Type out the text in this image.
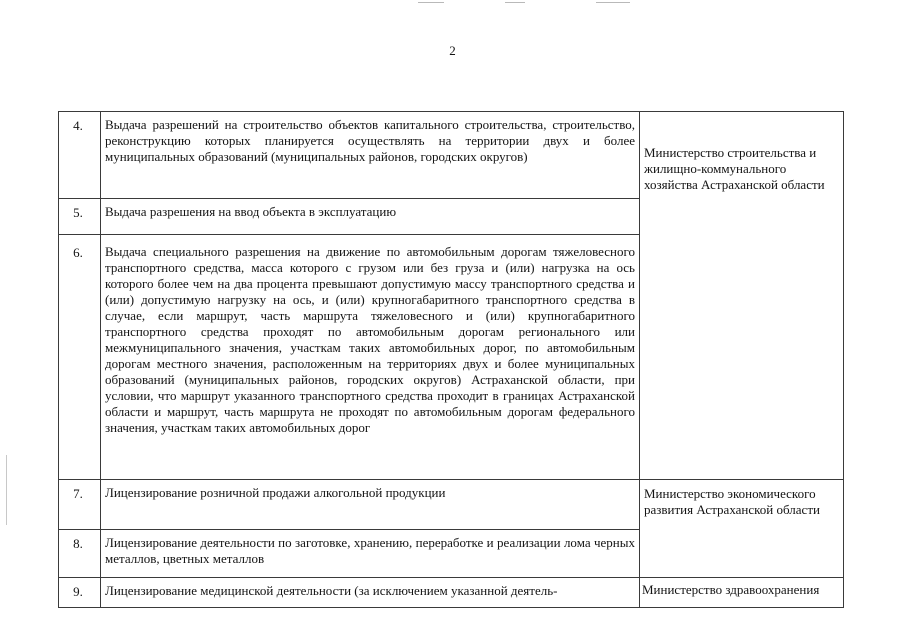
2
4.	Выдача разрешений на строительство объектов капитального строительства, строительство, реконструкцию которых планируется осуществлять на территории двух и более муниципальных образований (муниципальных районов, городских округов)	Министерство строительства и жилищно-коммунального хозяйства Астраханской области
5.	Выдача разрешения на ввод объекта в эксплуатацию	
6.	Выдача специального разрешения на движение по автомобильным дорогам тяжеловесного транспортного средства, масса которого с грузом или без груза и (или) нагрузка на ось которого более чем на два процента превышают допустимую массу транспортного средства и (или) допустимую нагрузку на ось, и (или) крупногабаритного транспортного средства в случае, если маршрут, часть маршрута тяжеловесного и (или) крупногабаритного транспортного средства проходят по автомобильным дорогам регионального или межмуниципального значения, участкам таких автомобильных дорог, по автомобильным дорогам местного значения, расположенным на территориях двух и более муниципальных образований (муниципальных районов, городских округов) Астраханской области, при условии, что маршрут указанного транспортного средства проходит в границах Астраханской области и маршрут, часть маршрута не проходят по автомобильным дорогам федерального значения, участкам таких автомобильных дорог	
7.	Лицензирование розничной продажи алкогольной продукции	Министерство экономического развития Астраханской области
8.	Лицензирование деятельности по заготовке, хранению, переработке и реализации лома черных металлов, цветных металлов	
9.	Лицензирование медицинской деятельности (за исключением указанной деятель-	Министерство здравоохранения
